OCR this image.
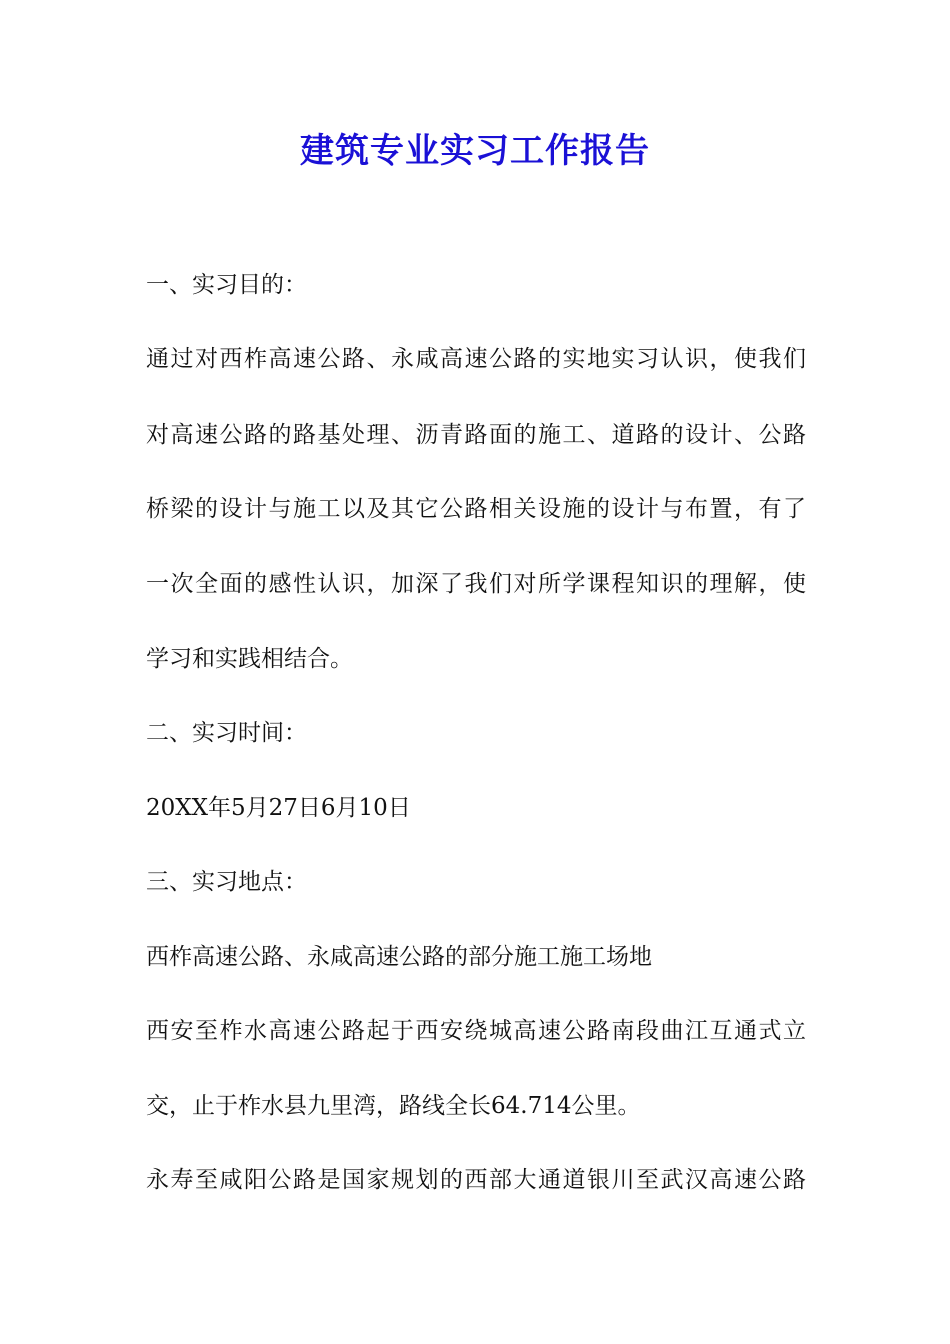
建筑专业实习工作报告

一、实习目的：

通过对西柞高速公路、永咸高速公路的实地实习认识，使我们

对高速公路的路基处理、沥青路面的施工、道路的设计、公路

桥梁的设计与施工以及其它公路相关设施的设计与布置，有了

一次全面的感性认识，加深了我们对所学课程知识的理解，使

学习和实践相结合。

二、实习时间：

20XX年5月27日6月10日

三、实习地点：

西柞高速公路、永咸高速公路的部分施工施工场地

西安至柞水高速公路起于西安绕城高速公路南段曲江互通式立

交，止于柞水县九里湾，路线全长64.714公里。

永寿至咸阳公路是国家规划的西部大通道银川至武汉高速公路
